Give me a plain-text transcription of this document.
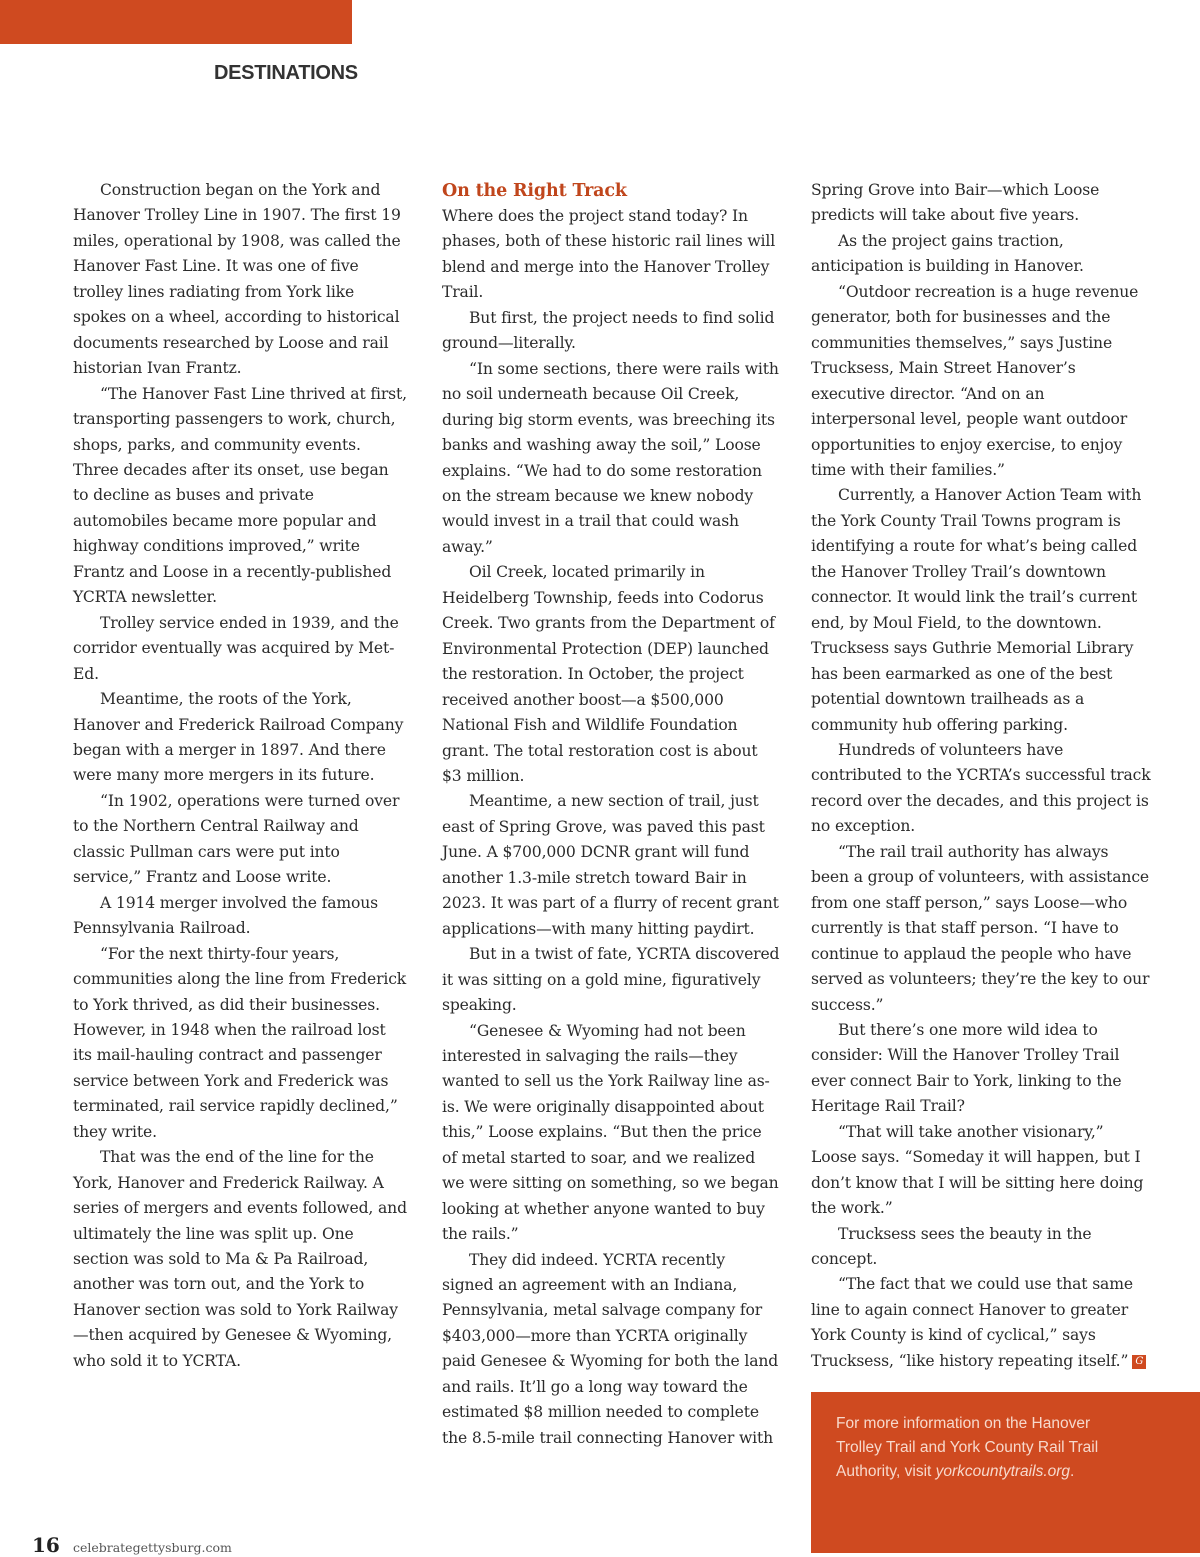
DESTINATIONS

Construction began on the York and Hanover Trolley Line in 1907. The first 19 miles, operational by 1908, was called the Hanover Fast Line. It was one of five trolley lines radiating from York like spokes on a wheel, according to historical documents researched by Loose and rail historian Ivan Frantz.

“The Hanover Fast Line thrived at first, transporting passengers to work, church, shops, parks, and community events. Three decades after its onset, use began to decline as buses and private automobiles became more popular and highway conditions improved,” write Frantz and Loose in a recently-published YCRTA newsletter.

Trolley service ended in 1939, and the corridor eventually was acquired by Met-Ed.

Meantime, the roots of the York, Hanover and Frederick Railroad Company began with a merger in 1897. And there were many more mergers in its future.

“In 1902, operations were turned over to the Northern Central Railway and classic Pullman cars were put into service,” Frantz and Loose write.

A 1914 merger involved the famous Pennsylvania Railroad.

“For the next thirty-four years, communities along the line from Frederick to York thrived, as did their businesses. However, in 1948 when the railroad lost its mail-hauling contract and passenger service between York and Frederick was terminated, rail service rapidly declined,” they write.

That was the end of the line for the York, Hanover and Frederick Railway. A series of mergers and events followed, and ultimately the line was split up. One section was sold to Ma & Pa Railroad, another was torn out, and the York to Hanover section was sold to York Railway—then acquired by Genesee & Wyoming, who sold it to YCRTA.

On the Right Track

Where does the project stand today? In phases, both of these historic rail lines will blend and merge into the Hanover Trolley Trail.

But first, the project needs to find solid ground—literally.

“In some sections, there were rails with no soil underneath because Oil Creek, during big storm events, was breeching its banks and washing away the soil,” Loose explains. “We had to do some restoration on the stream because we knew nobody would invest in a trail that could wash away.”

Oil Creek, located primarily in Heidelberg Township, feeds into Codorus Creek. Two grants from the Department of Environmental Protection (DEP) launched the restoration. In October, the project received another boost—a $500,000 National Fish and Wildlife Foundation grant. The total restoration cost is about $3 million.

Meantime, a new section of trail, just east of Spring Grove, was paved this past June. A $700,000 DCNR grant will fund another 1.3-mile stretch toward Bair in 2023. It was part of a flurry of recent grant applications—with many hitting paydirt.

But in a twist of fate, YCRTA discovered it was sitting on a gold mine, figuratively speaking.

“Genesee & Wyoming had not been interested in salvaging the rails—they wanted to sell us the York Railway line as-is. We were originally disappointed about this,” Loose explains. “But then the price of metal started to soar, and we realized we were sitting on something, so we began looking at whether anyone wanted to buy the rails.”

They did indeed. YCRTA recently signed an agreement with an Indiana, Pennsylvania, metal salvage company for $403,000—more than YCRTA originally paid Genesee & Wyoming for both the land and rails. It’ll go a long way toward the estimated $8 million needed to complete the 8.5-mile trail connecting Hanover with

Spring Grove into Bair—which Loose predicts will take about five years.

As the project gains traction, anticipation is building in Hanover.

“Outdoor recreation is a huge revenue generator, both for businesses and the communities themselves,” says Justine Trucksess, Main Street Hanover’s executive director. “And on an interpersonal level, people want outdoor opportunities to enjoy exercise, to enjoy time with their families.”

Currently, a Hanover Action Team with the York County Trail Towns program is identifying a route for what’s being called the Hanover Trolley Trail’s downtown connector. It would link the trail’s current end, by Moul Field, to the downtown. Trucksess says Guthrie Memorial Library has been earmarked as one of the best potential downtown trailheads as a community hub offering parking.

Hundreds of volunteers have contributed to the YCRTA’s successful track record over the decades, and this project is no exception.

“The rail trail authority has always been a group of volunteers, with assistance from one staff person,” says Loose—who currently is that staff person. “I have to continue to applaud the people who have served as volunteers; they’re the key to our success.”

But there’s one more wild idea to consider: Will the Hanover Trolley Trail ever connect Bair to York, linking to the Heritage Rail Trail?

“That will take another visionary,” Loose says. “Someday it will happen, but I don’t know that I will be sitting here doing the work.”

Trucksess sees the beauty in the concept.

“The fact that we could use that same line to again connect Hanover to greater York County is kind of cyclical,” says Trucksess, “like history repeating itself.” G

For more information on the Hanover Trolley Trail and York County Rail Trail Authority, visit yorkcountytrails.org.
16 celebrategettysburg.com
